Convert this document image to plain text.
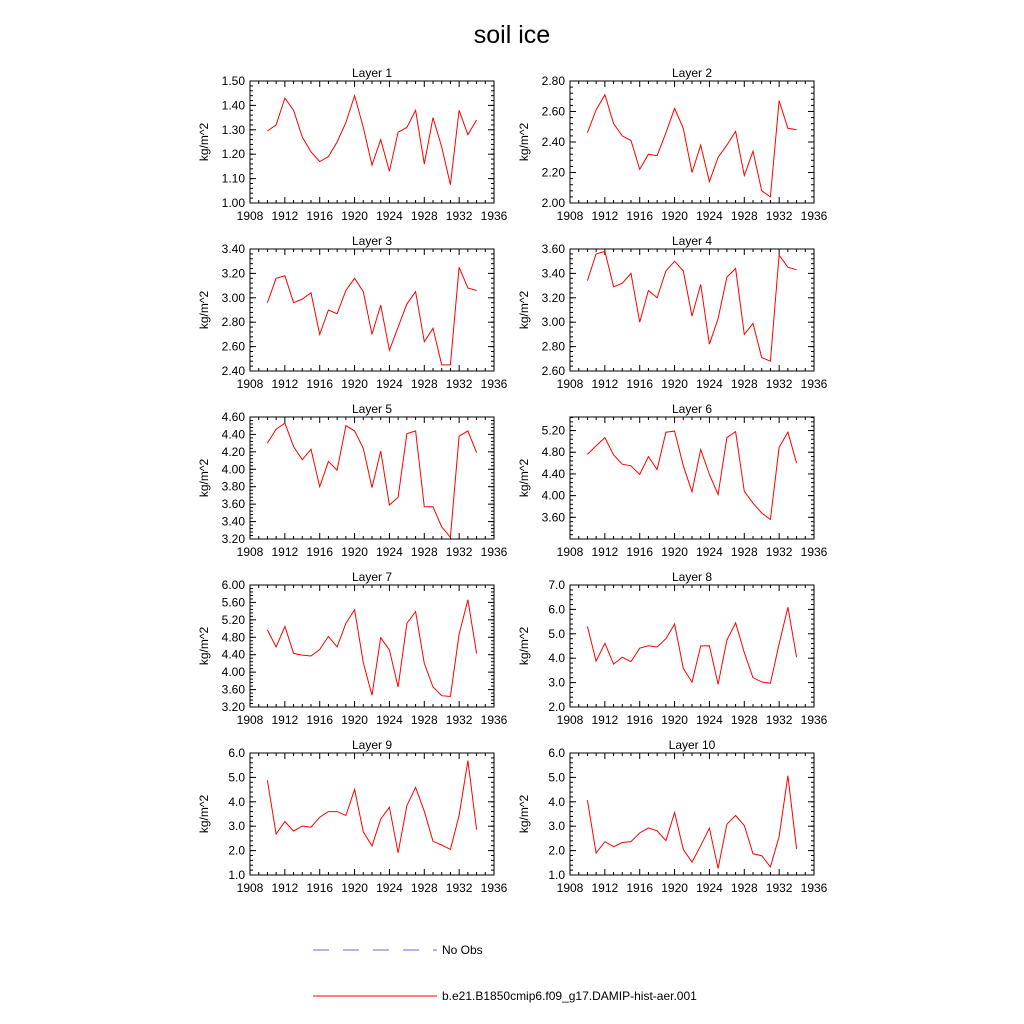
soil ice
Layer 1
kg/m^2
1908 1912 1916 1920 1924 1928 1932 1936
1.00
1.10
1.20
1.30
1.40
1.50
Layer 2
kg/m^2
1908 1912 1916 1920 1924 1928 1932 1936
2.00
2.20
2.40
2.60
2.80
Layer 3
kg/m^2
1908 1912 1916 1920 1924 1928 1932 1936
2.40
2.60
2.80
3.00
3.20
3.40
Layer 4
kg/m^2
1908 1912 1916 1920 1924 1928 1932 1936
2.60
2.80
3.00
3.20
3.40
3.60
Layer 5
kg/m^2
1908 1912 1916 1920 1924 1928 1932 1936
3.20
3.40
3.60
3.80
4.00
4.20
4.40
4.60
Layer 6
kg/m^2
1908 1912 1916 1920 1924 1928 1932 1936
3.60
4.00
4.40
4.80
5.20
Layer 7
kg/m^2
1908 1912 1916 1920 1924 1928 1932 1936
3.20
3.60
4.00
4.40
4.80
5.20
5.60
6.00
Layer 8
kg/m^2
1908 1912 1916 1920 1924 1928 1932 1936
2.0
3.0
4.0
5.0
6.0
7.0
Layer 9
kg/m^2
1908 1912 1916 1920 1924 1928 1932 1936
1.0
2.0
3.0
4.0
5.0
6.0
Layer 10
kg/m^2
1908 1912 1916 1920 1924 1928 1932 1936
1.0
2.0
3.0
4.0
5.0
6.0
No Obs
b.e21.B1850cmip6.f09_g17.DAMIP-hist-aer.001
